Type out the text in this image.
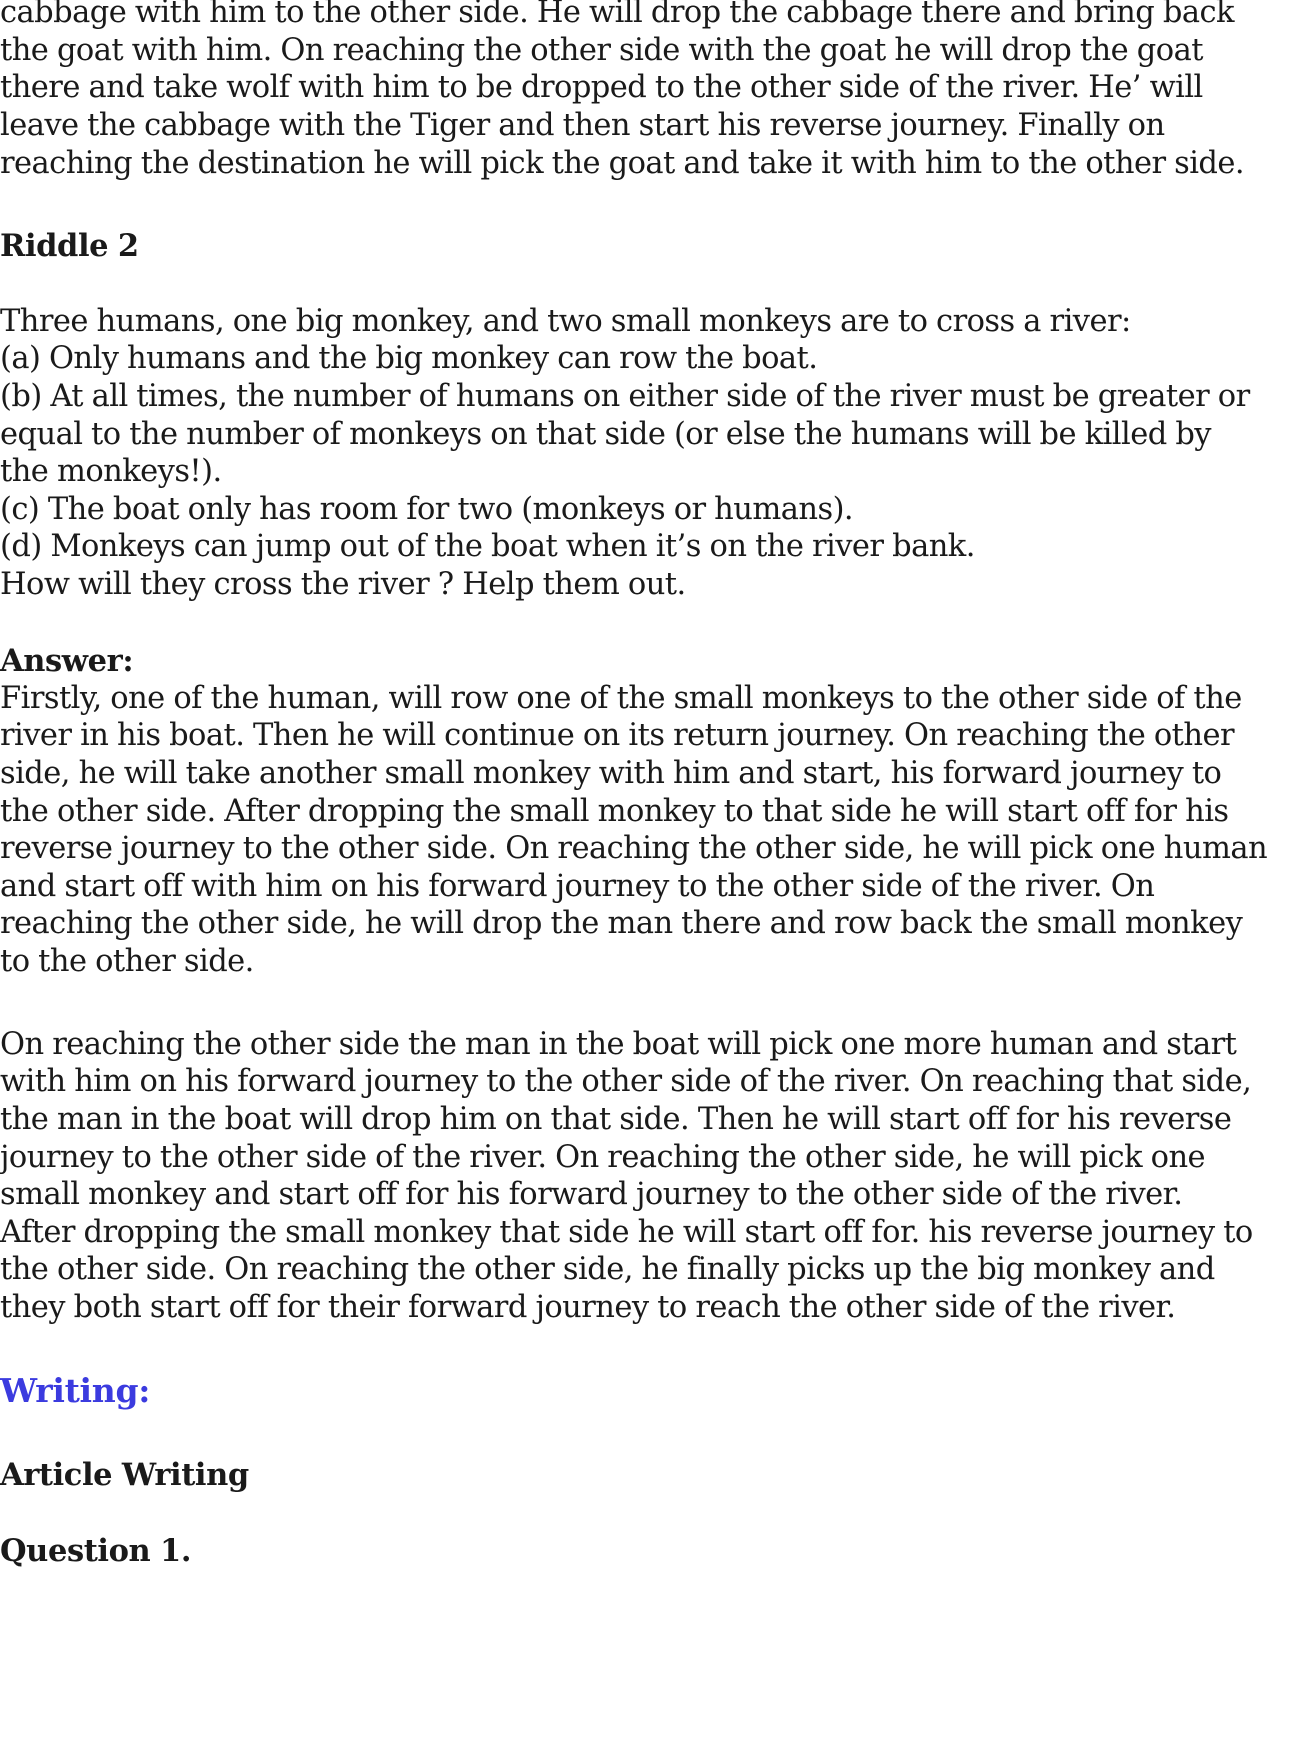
cabbage with him to the other side. He will drop the cabbage there and bring back

the goat with him. On reaching the other side with the goat he will drop the goat

there and take wolf with him to be dropped to the other side of the river. He’ will

leave the cabbage with the Tiger and then start his reverse journey. Finally on

reaching the destination he will pick the goat and take it with him to the other side.

Riddle 2

Three humans, one big monkey, and two small monkeys are to cross a river:

(a) Only humans and the big monkey can row the boat.

(b) At all times, the number of humans on either side of the river must be greater or

equal to the number of monkeys on that side (or else the humans will be killed by

the monkeys!).

(c) The boat only has room for two (monkeys or humans).

(d) Monkeys can jump out of the boat when it’s on the river bank.

How will they cross the river ? Help them out.

Answer:

Firstly, one of the human, will row one of the small monkeys to the other side of the

river in his boat. Then he will continue on its return journey. On reaching the other

side, he will take another small monkey with him and start, his forward journey to

the other side. After dropping the small monkey to that side he will start off for his

reverse journey to the other side. On reaching the other side, he will pick one human

and start off with him on his forward journey to the other side of the river. On

reaching the other side, he will drop the man there and row back the small monkey

to the other side.

On reaching the other side the man in the boat will pick one more human and start

with him on his forward journey to the other side of the river. On reaching that side,

the man in the boat will drop him on that side. Then he will start off for his reverse

journey to the other side of the river. On reaching the other side, he will pick one

small monkey and start off for his forward journey to the other side of the river.

After dropping the small monkey that side he will start off for. his reverse journey to

the other side. On reaching the other side, he finally picks up the big monkey and

they both start off for their forward journey to reach the other side of the river.

Writing:
Article Writing
Question 1.
